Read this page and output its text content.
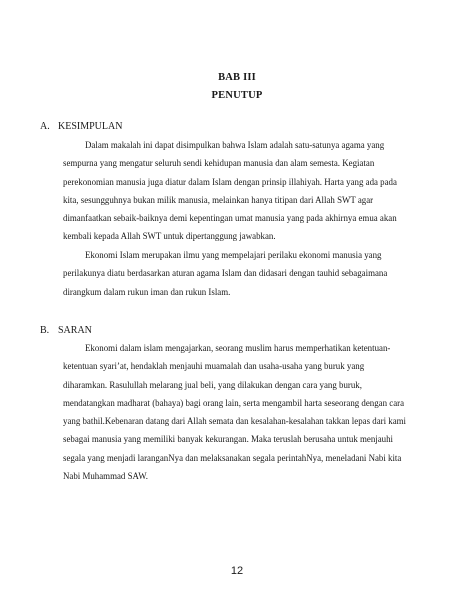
BAB III
PENUTUP
A. KESIMPULAN
Dalam makalah ini dapat disimpulkan bahwa Islam adalah satu-satunya agama yang
sempurna yang mengatur seluruh sendi kehidupan manusia dan alam semesta. Kegiatan
perekonomian manusia juga diatur dalam Islam dengan prinsip illahiyah. Harta yang ada pada
kita, sesungguhnya bukan milik manusia, melainkan hanya titipan dari Allah SWT agar
dimanfaatkan sebaik-baiknya demi kepentingan umat manusia yang pada akhirnya emua akan
kembali kepada Allah SWT untuk dipertanggung jawabkan.
Ekonomi Islam merupakan ilmu yang mempelajari perilaku ekonomi manusia yang
perilakunya diatu berdasarkan aturan agama Islam dan didasari dengan tauhid sebagaimana
dirangkum dalam rukun iman dan rukun Islam.
B. SARAN
Ekonomi dalam islam mengajarkan, seorang muslim harus memperhatikan ketentuan-
ketentuan syari’at, hendaklah menjauhi muamalah dan usaha-usaha yang buruk yang
diharamkan. Rasulullah melarang jual beli, yang dilakukan dengan cara yang buruk,
mendatangkan madharat (bahaya) bagi orang lain, serta mengambil harta seseorang dengan cara
yang bathil.Kebenaran datang dari Allah semata dan kesalahan-kesalahan takkan lepas dari kami
sebagai manusia yang memiliki banyak kekurangan. Maka teruslah berusaha untuk menjauhi
segala yang menjadi laranganNya dan melaksanakan segala perintahNya, meneladani Nabi kita
Nabi Muhammad SAW.
12
